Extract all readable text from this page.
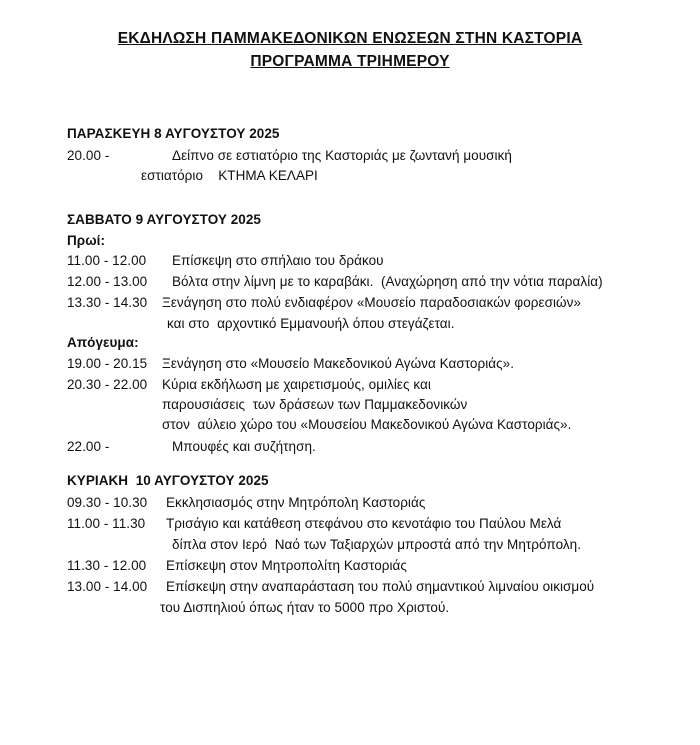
ΕΚΔΗΛΩΣΗ ΠΑΜΜΑΚΕΔΟΝΙΚΩΝ ΕΝΩΣΕΩΝ ΣΤΗΝ ΚΑΣΤΟΡΙΑ
ΠΡΟΓΡΑΜΜΑ ΤΡΙΗΜΕΡΟΥ
ΠΑΡΑΣΚΕΥΗ 8 ΑΥΓΟΥΣΤΟΥ 2025
20.00 -	Δείπνο σε εστιατόριο της Καστοριάς με ζωντανή μουσική
εστιατόριο    ΚΤΗΜΑ ΚΕΛΑΡΙ
ΣΑΒΒΑΤΟ 9 ΑΥΓΟΥΣΤΟΥ 2025
Πρωί:
11.00 - 12.00 Επίσκεψη στο σπήλαιο του δράκου
12.00 - 13.00 Βόλτα στην λίμνη με το καραβάκι.  (Αναχώρηση από την νότια παραλία)
13.30 - 14.30 Ξενάγηση στο πολύ ενδιαφέρον «Μουσείο παραδοσιακών φορεσιών»
και στο  αρχοντικό Εμμανουήλ όπου στεγάζεται.
Απόγευμα:
19.00 - 20.15 Ξενάγηση στο «Μουσείο Μακεδονικού Αγώνα Καστοριάς».
20.30 - 22.00 Κύρια εκδήλωση με χαιρετισμούς, ομιλίες και
παρουσιάσεις  των δράσεων των Παμμακεδονικών
στον  αύλειο χώρο του «Μουσείου Μακεδονικού Αγώνα Καστοριάς».
22.00 -	Μπουφές και συζήτηση.
ΚΥΡΙΑΚΗ  10 ΑΥΓΟΥΣΤΟΥ 2025
09.30 - 10.30 Εκκλησιασμός στην Μητρόπολη Καστοριάς
11.00 - 11.30 Τρισάγιο και κατάθεση στεφάνου στο κενοτάφιο του Παύλου Μελά
δίπλα στον Ιερό  Ναό των Ταξιαρχών μπροστά από την Μητρόπολη.
11.30 - 12.00 Επίσκεψη στον Μητροπολίτη Καστοριάς
13.00 - 14.00 Επίσκεψη στην αναπαράσταση του πολύ σημαντικού λιμναίου οικισμού
του Δισπηλιού όπως ήταν το 5000 προ Χριστού.
